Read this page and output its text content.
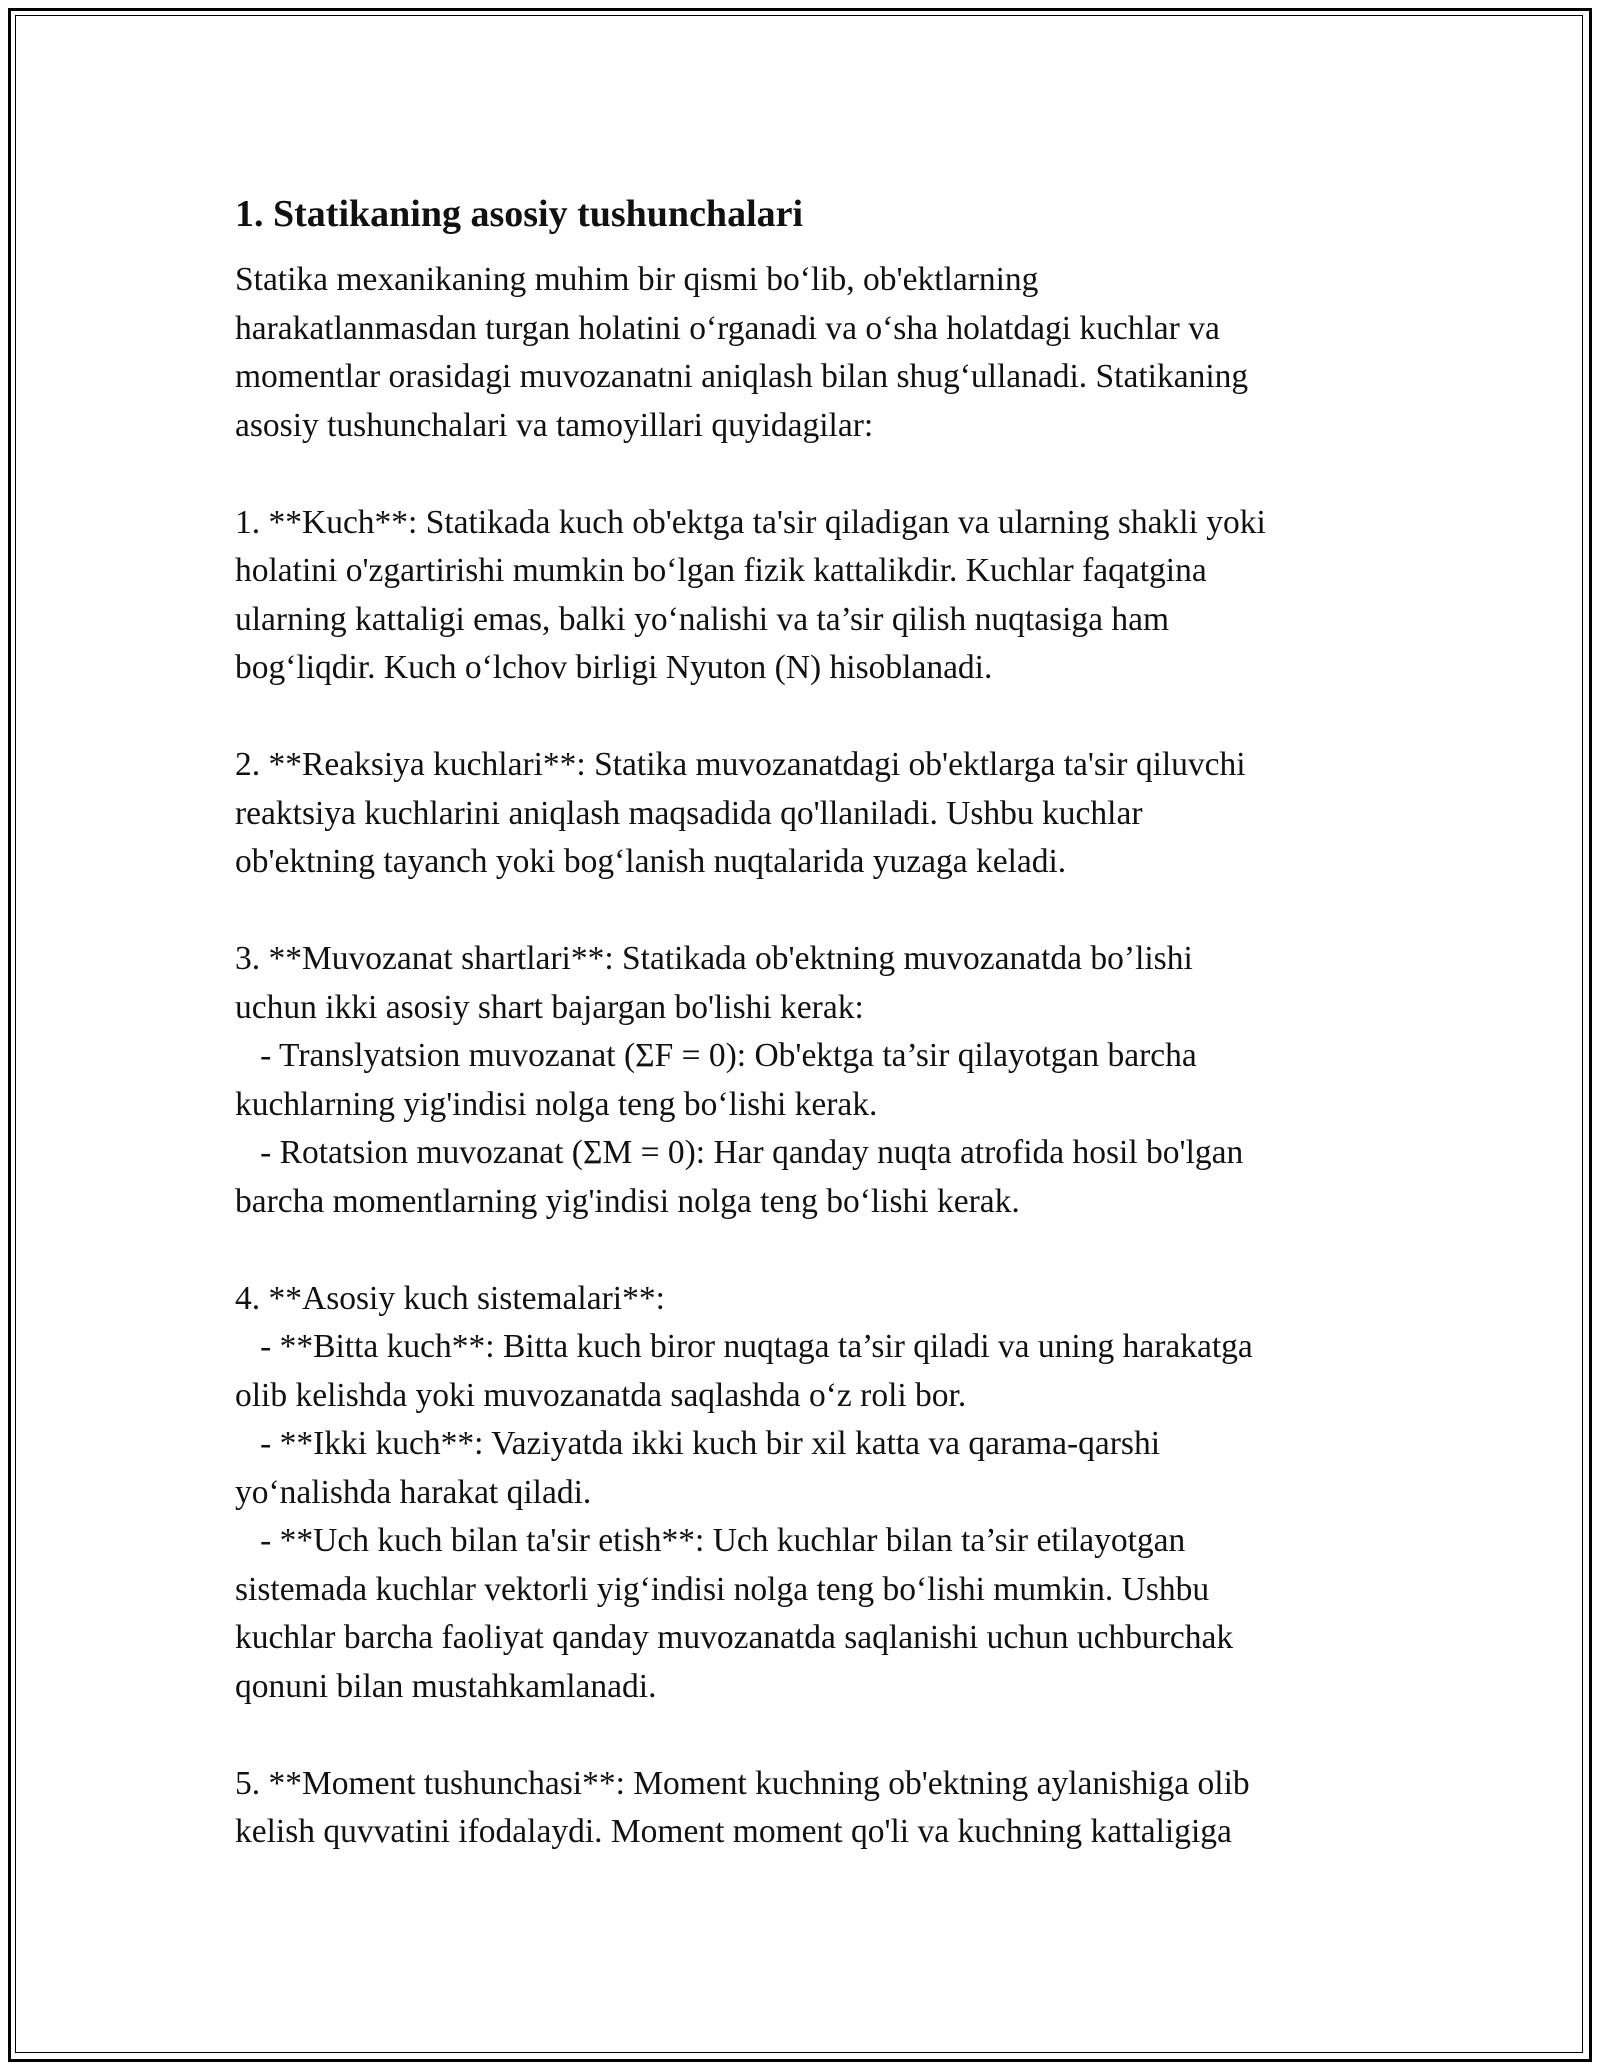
1. Statikaning asosiy tushunchalari
Statika mexanikaning muhim bir qismi bo‘lib, ob'ektlarning
harakatlanmasdan turgan holatini o‘rganadi va o‘sha holatdagi kuchlar va
momentlar orasidagi muvozanatni aniqlash bilan shug‘ullanadi. Statikaning
asosiy tushunchalari va tamoyillari quyidagilar:
1. **Kuch**: Statikada kuch ob'ektga ta'sir qiladigan va ularning shakli yoki
holatini o'zgartirishi mumkin bo‘lgan fizik kattalikdir. Kuchlar faqatgina
ularning kattaligi emas, balki yo‘nalishi va ta’sir qilish nuqtasiga ham
bog‘liqdir. Kuch o‘lchov birligi Nyuton (N) hisoblanadi.
2. **Reaksiya kuchlari**: Statika muvozanatdagi ob'ektlarga ta'sir qiluvchi
reaktsiya kuchlarini aniqlash maqsadida qo'llaniladi. Ushbu kuchlar
ob'ektning tayanch yoki bog‘lanish nuqtalarida yuzaga keladi.
3. **Muvozanat shartlari**: Statikada ob'ektning muvozanatda bo’lishi
uchun ikki asosiy shart bajargan bo'lishi kerak:
- Translyatsion muvozanat (ΣF = 0): Ob'ektga ta’sir qilayotgan barcha
kuchlarning yig'indisi nolga teng bo‘lishi kerak.
- Rotatsion muvozanat (ΣM = 0): Har qanday nuqta atrofida hosil bo'lgan
barcha momentlarning yig'indisi nolga teng bo‘lishi kerak.
4. **Asosiy kuch sistemalari**:
- **Bitta kuch**: Bitta kuch biror nuqtaga ta’sir qiladi va uning harakatga
olib kelishda yoki muvozanatda saqlashda o‘z roli bor.
- **Ikki kuch**: Vaziyatda ikki kuch bir xil katta va qarama-qarshi
yo‘nalishda harakat qiladi.
- **Uch kuch bilan ta'sir etish**: Uch kuchlar bilan ta’sir etilayotgan
sistemada kuchlar vektorli yig‘indisi nolga teng bo‘lishi mumkin. Ushbu
kuchlar barcha faoliyat qanday muvozanatda saqlanishi uchun uchburchak
qonuni bilan mustahkamlanadi.
5. **Moment tushunchasi**: Moment kuchning ob'ektning aylanishiga olib
kelish quvvatini ifodalaydi. Moment moment qo'li va kuchning kattaligiga
